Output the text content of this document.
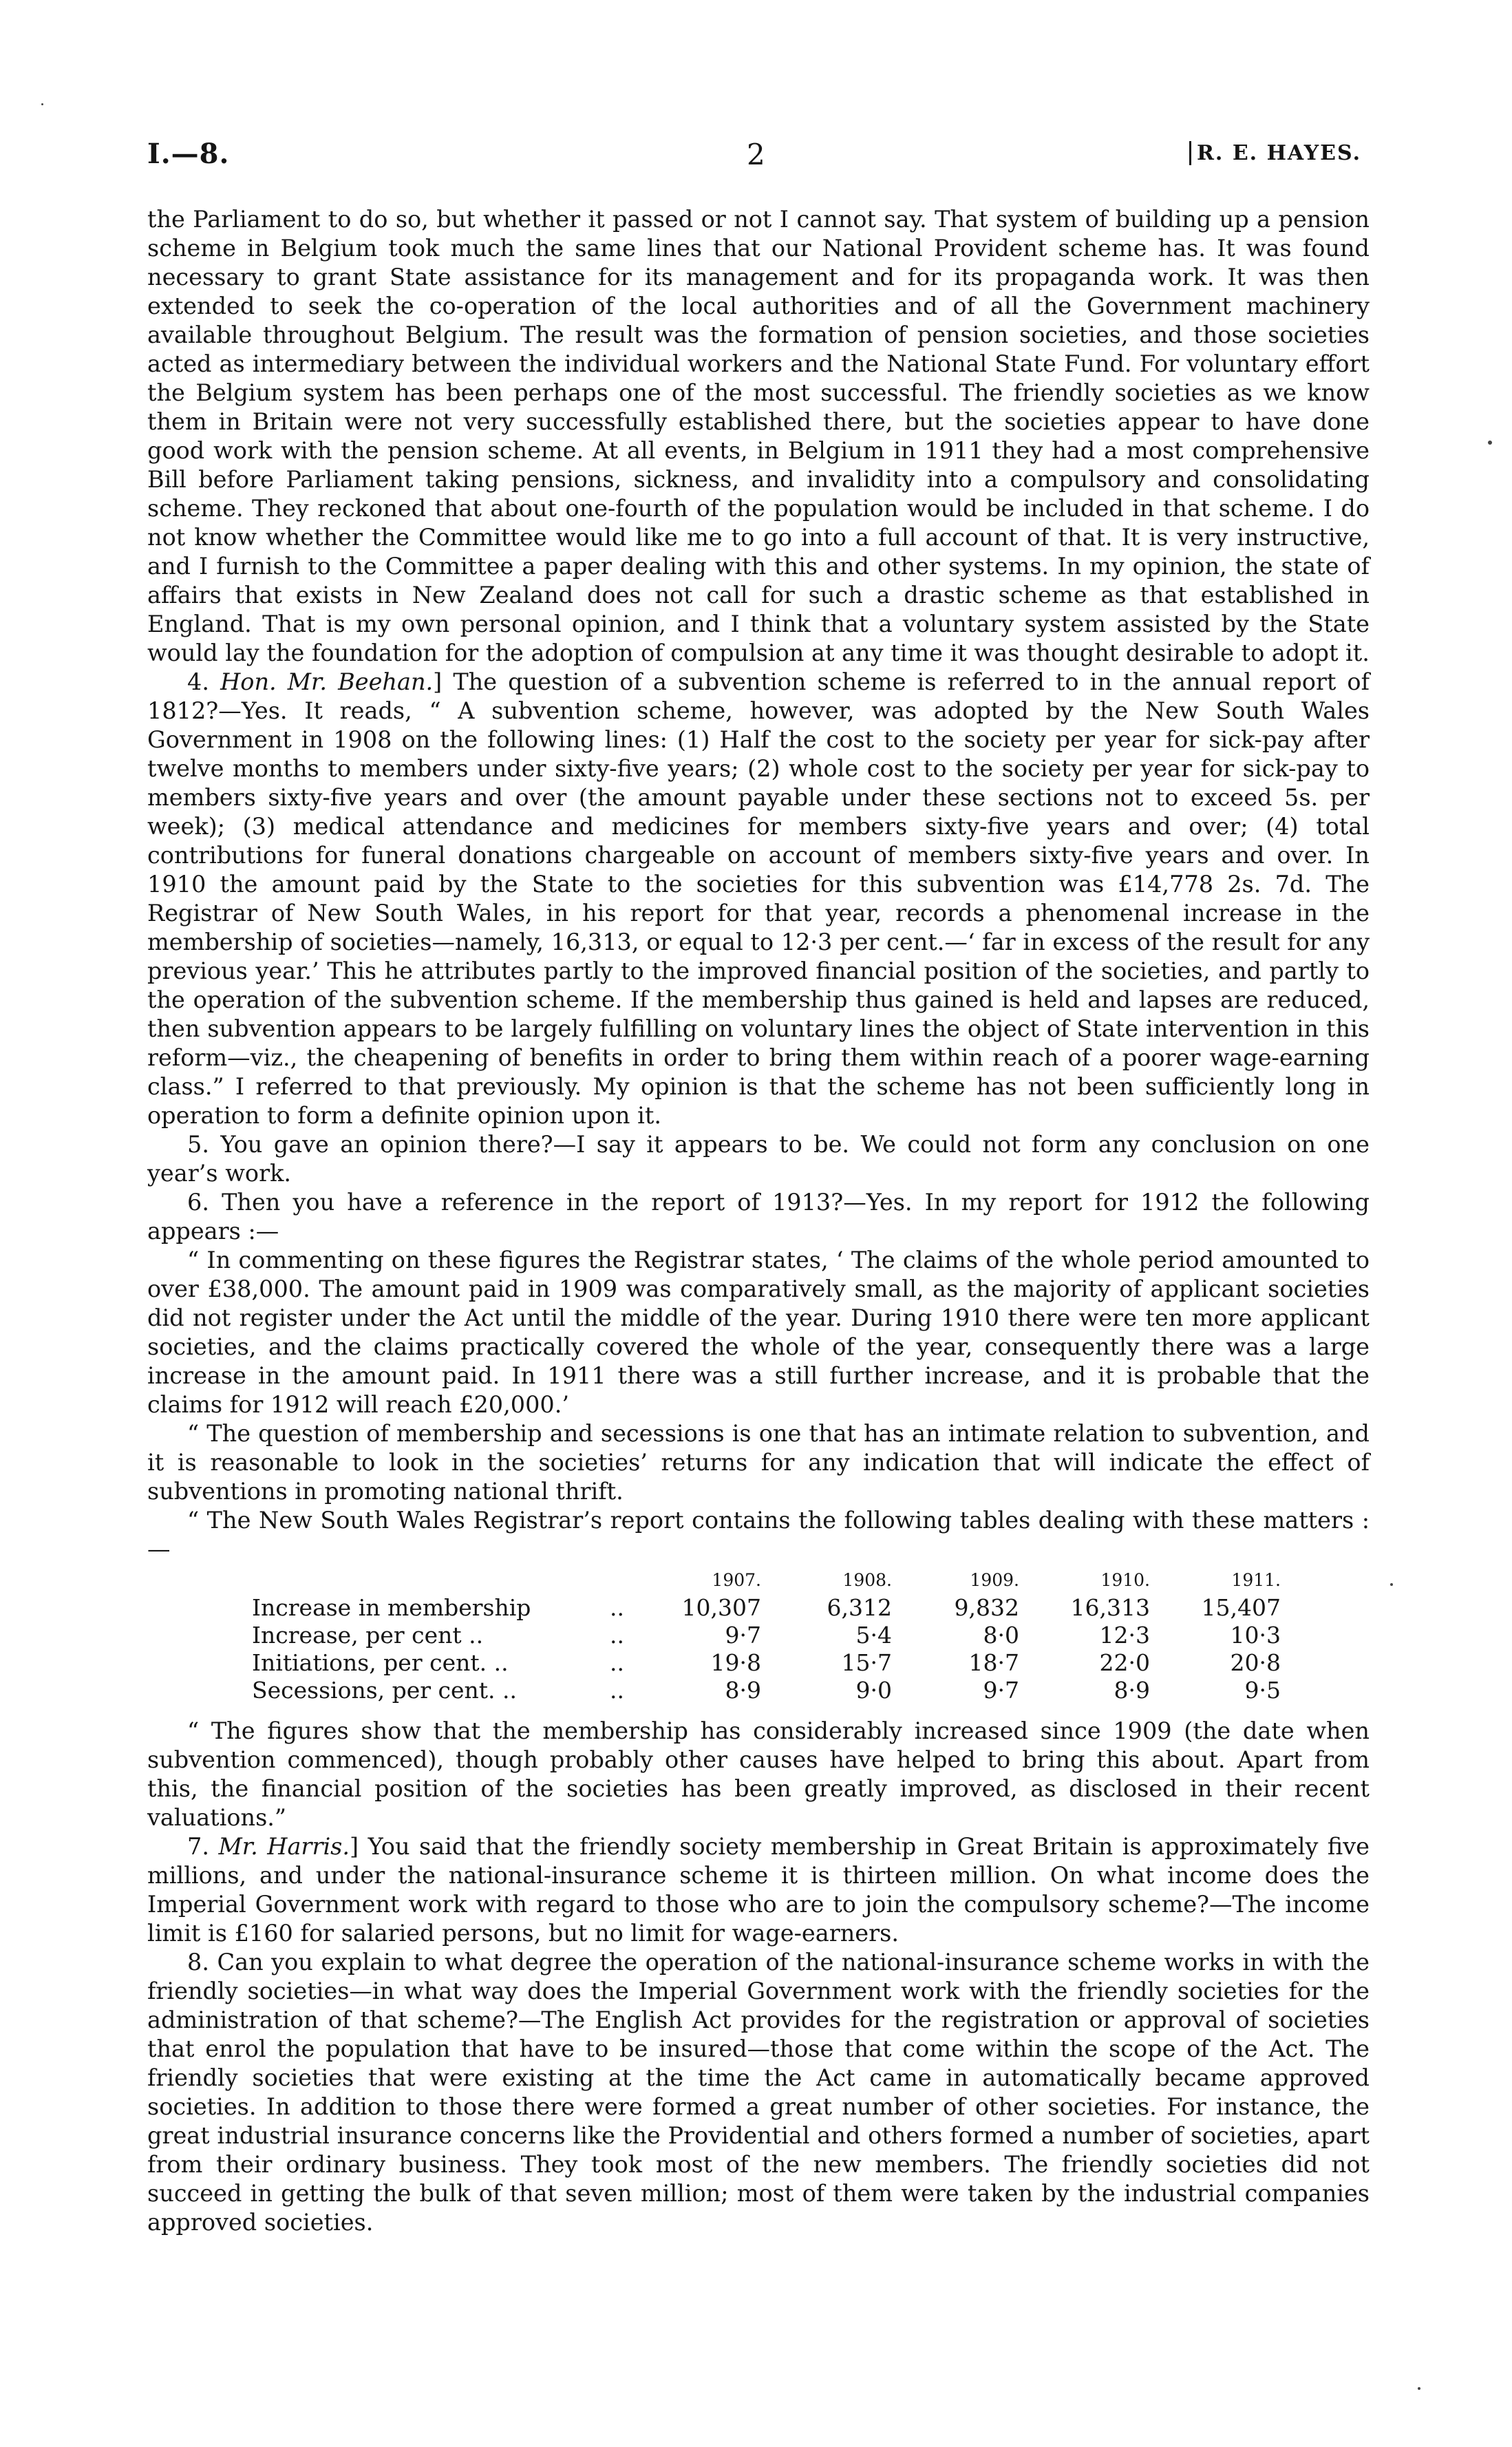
I.—8.	2	R. E. HAYES.

the Parliament to do so, but whether it passed or not I cannot say. That system of building up a pension scheme in Belgium took much the same lines that our National Provident scheme has. It was found necessary to grant State assistance for its management and for its propaganda work. It was then extended to seek the co-operation of the local authorities and of all the Government machinery available throughout Belgium. The result was the formation of pension societies, and those societies acted as intermediary between the individual workers and the National State Fund. For voluntary effort the Belgium system has been perhaps one of the most successful. The friendly societies as we know them in Britain were not very successfully established there, but the societies appear to have done good work with the pension scheme. At all events, in Belgium in 1911 they had a most comprehensive Bill before Parliament taking pensions, sickness, and invalidity into a compulsory and consolidating scheme. They reckoned that about one-fourth of the population would be included in that scheme. I do not know whether the Committee would like me to go into a full account of that. It is very instructive, and I furnish to the Committee a paper dealing with this and other systems. In my opinion, the state of affairs that exists in New Zealand does not call for such a drastic scheme as that established in England. That is my own personal opinion, and I think that a voluntary system assisted by the State would lay the foundation for the adoption of compulsion at any time it was thought desirable to adopt it.

4. Hon. Mr. Beehan.] The question of a subvention scheme is referred to in the annual report of 1812?—Yes. It reads, “ A subvention scheme, however, was adopted by the New South Wales Government in 1908 on the following lines: (1) Half the cost to the society per year for sick-pay after twelve months to members under sixty-five years; (2) whole cost to the society per year for sick-pay to members sixty-five years and over (the amount payable under these sections not to exceed 5s. per week); (3) medical attendance and medicines for members sixty-five years and over; (4) total contributions for funeral donations chargeable on account of members sixty-five years and over. In 1910 the amount paid by the State to the societies for this subvention was £14,778 2s. 7d. The Registrar of New South Wales, in his report for that year, records a phenomenal increase in the membership of societies—namely, 16,313, or equal to 12·3 per cent.—‘ far in excess of the result for any previous year.’ This he attributes partly to the improved financial position of the societies, and partly to the operation of the subvention scheme. If the membership thus gained is held and lapses are reduced, then subvention appears to be largely fulfilling on voluntary lines the object of State intervention in this reform—viz., the cheapening of benefits in order to bring them within reach of a poorer wage-earning class.” I referred to that previously. My opinion is that the scheme has not been sufficiently long in operation to form a definite opinion upon it.

5. You gave an opinion there?—I say it appears to be. We could not form any conclusion on one year’s work.

6. Then you have a reference in the report of 1913?—Yes. In my report for 1912 the following appears :—

“ In commenting on these figures the Registrar states, ‘ The claims of the whole period amounted to over £38,000. The amount paid in 1909 was comparatively small, as the majority of applicant societies did not register under the Act until the middle of the year. During 1910 there were ten more applicant societies, and the claims practically covered the whole of the year, consequently there was a large increase in the amount paid. In 1911 there was a still further increase, and it is probable that the claims for 1912 will reach £20,000.’

“ The question of membership and secessions is one that has an intimate relation to subvention, and it is reasonable to look in the societies’ returns for any indication that will indicate the effect of subventions in promoting national thrift.

“ The New South Wales Registrar’s report contains the following tables dealing with these matters :—

		1907.	1908.	1909.	1910.	1911.
Increase in membership	..	10,307	6,312	9,832	16,313	15,407
Increase, per cent ..	..	9·7	5·4	8·0	12·3	10·3
Initiations, per cent. ..	..	19·8	15·7	18·7	22·0	20·8
Secessions, per cent. ..	..	8·9	9·0	9·7	8·9	9·5

“ The figures show that the membership has considerably increased since 1909 (the date when subvention commenced), though probably other causes have helped to bring this about. Apart from this, the financial position of the societies has been greatly improved, as disclosed in their recent valuations.”

7. Mr. Harris.] You said that the friendly society membership in Great Britain is approximately five millions, and under the national-insurance scheme it is thirteen million. On what income does the Imperial Government work with regard to those who are to join the compulsory scheme?—The income limit is £160 for salaried persons, but no limit for wage-earners.

8. Can you explain to what degree the operation of the national-insurance scheme works in with the friendly societies—in what way does the Imperial Government work with the friendly societies for the administration of that scheme?—The English Act provides for the registration or approval of societies that enrol the population that have to be insured—those that come within the scope of the Act. The friendly societies that were existing at the time the Act came in automatically became approved societies. In addition to those there were formed a great number of other societies. For instance, the great industrial insurance concerns like the Providential and others formed a number of societies, apart from their ordinary business. They took most of the new members. The friendly societies did not succeed in getting the bulk of that seven million; most of them were taken by the industrial companies approved societies.
